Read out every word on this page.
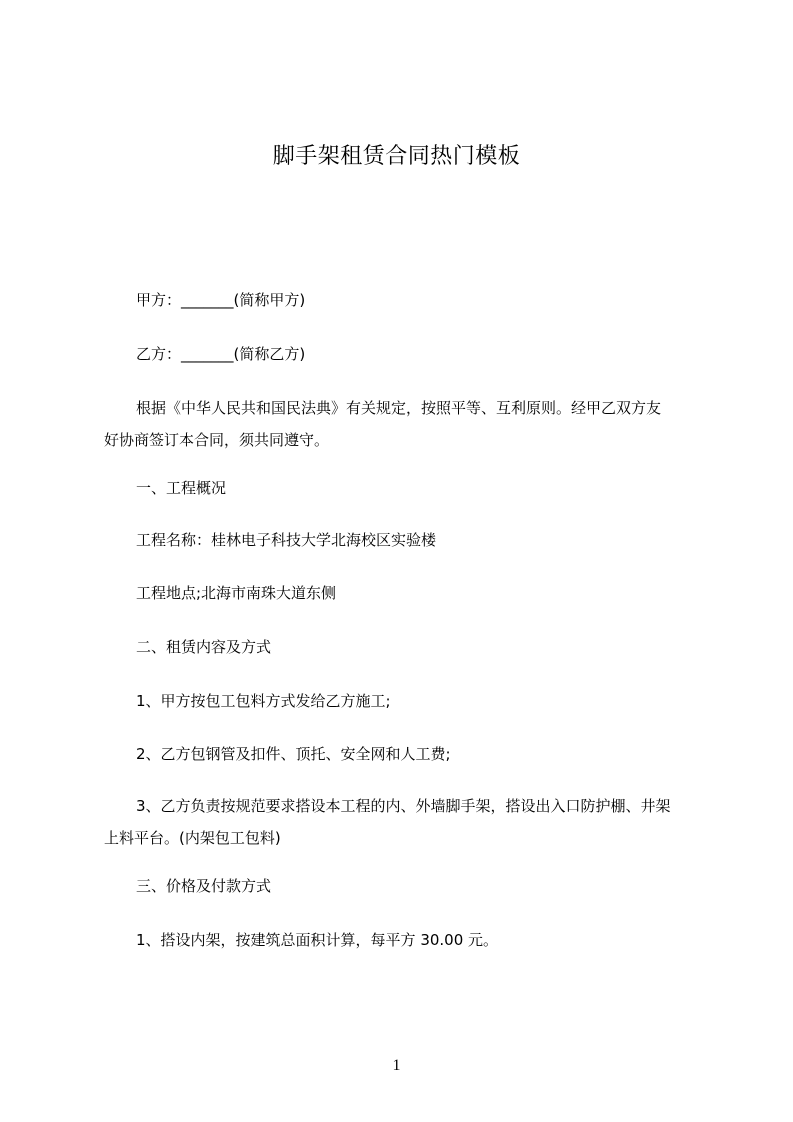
脚手架租赁合同热门模板
甲方：_______(简称甲方)
乙方：_______(简称乙方)
根据《中华人民共和国民法典》有关规定，按照平等、互利原则。经甲乙双方友
好协商签订本合同，须共同遵守。
一、工程概况
工程名称：桂林电子科技大学北海校区实验楼
工程地点;北海市南珠大道东侧
二、租赁内容及方式
1、甲方按包工包料方式发给乙方施工;
2、乙方包钢管及扣件、顶托、安全网和人工费;
3、乙方负责按规范要求搭设本工程的内、外墙脚手架，搭设出入口防护棚、井架
上料平台。(内架包工包料)
三、价格及付款方式
1、搭设内架，按建筑总面积计算，每平方 30.00 元。
1
